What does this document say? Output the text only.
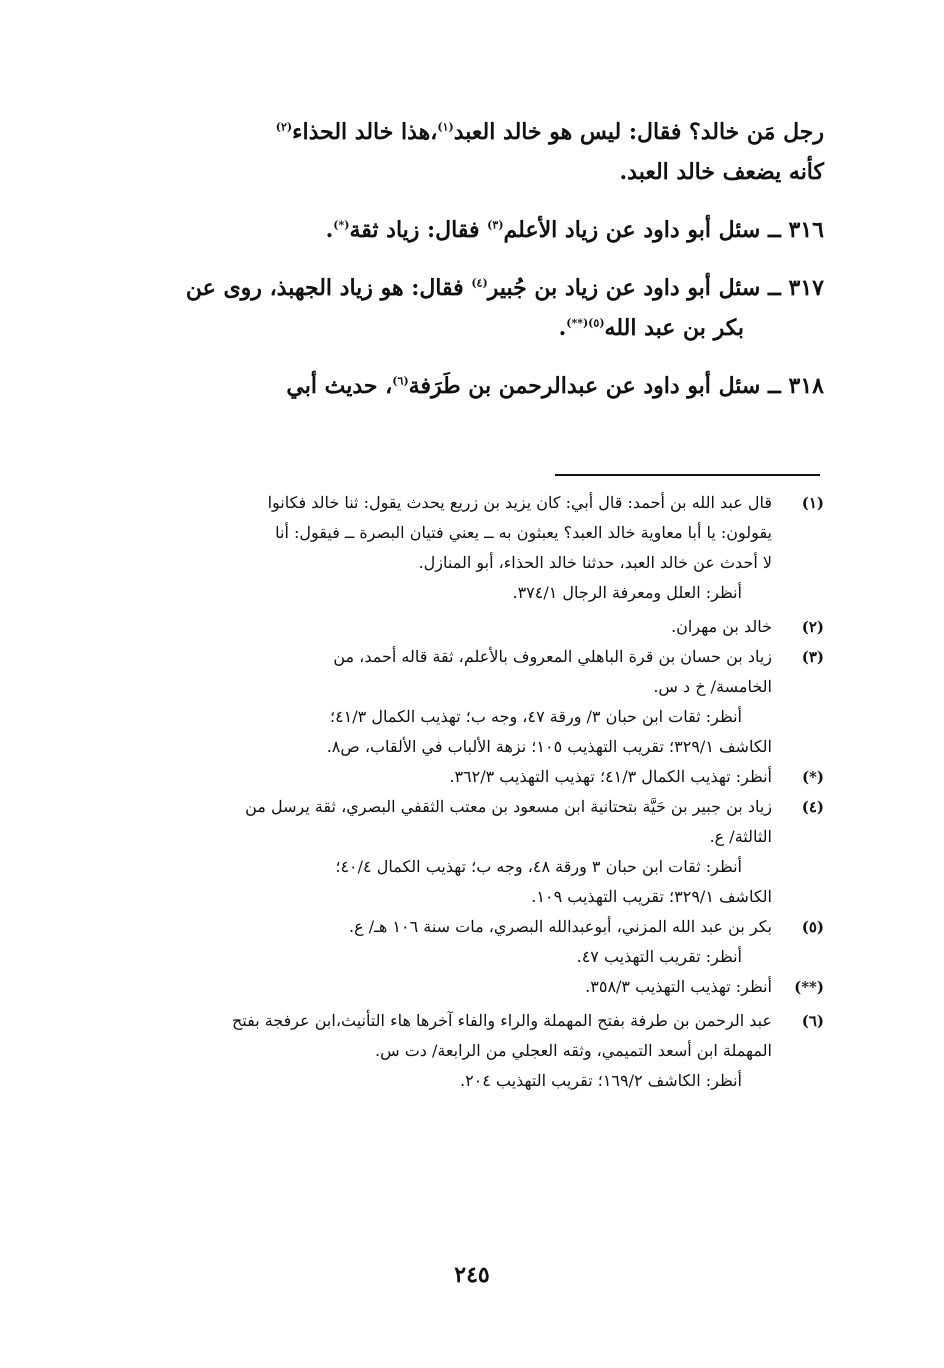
رجل مَن خالد؟ فقال: ليس هو خالد العبد$^{(١)}$،هذا خالد الحذاء$^{(٢)}$

كأنه يضعف خالد العبد.

٣١٦ ــ سئل أبو داود عن زياد الأعلم$^{(٣)}$ فقال: زياد ثقة(*).

٣١٧ ــ سئل أبو داود عن زياد بن جُبير$^{(٤)}$ فقال: هو زياد الجهبذ، روى عن

بكر بن عبد الله$^{(٥)(**)}$.

٣١٨ ــ سئل أبو داود عن عبدالرحمن بن طَرَفة$^{(٦)}$، حديث أبي

(١)

قال عبد الله بن أحمد: قال أبي: كان يزيد بن زريع يحدث يقول: ثنا خالد فكانوا

يقولون: يا أبا معاوية خالد العبد؟ يعبثون به ــ يعني فتيان البصرة ــ فيقول: أنا

لا أحدث عن خالد العبد، حدثنا خالد الحذاء، أبو المنازل.

أنظر: العلل ومعرفة الرجال ٣٧٤/١.

(٢)

خالد بن مهران.

(٣)

زياد بن حسان بن قرة الباهلي المعروف بالأعلم، ثقة قاله أحمد، من

الخامسة/ خ د س.

أنظر: ثقات ابن حبان ٣/ ورقة ٤٧، وجه ب؛ تهذيب الكمال ٤١/٣؛

الكاشف ٣٢٩/١؛ تقريب التهذيب ١٠٥؛ نزهة الألباب في الألقاب، ص٨.

(*)

أنظر: تهذيب الكمال ٤١/٣؛ تهذيب التهذيب ٣٦٢/٣.

(٤)

زياد بن جبير بن حَيَّة بتحتانية ابن مسعود بن معتب الثقفي البصري، ثقة يرسل من

الثالثة/ ع.

أنظر: ثقات ابن حبان ٣ ورقة ٤٨، وجه ب؛ تهذيب الكمال ٤٠/٤؛

الكاشف ٣٢٩/١؛ تقريب التهذيب ١٠٩.

(٥)

بكر بن عبد الله المزني، أبوعبدالله البصري، مات سنة ١٠٦ هـ/ ع.

أنظر: تقريب التهذيب ٤٧.

(**)

أنظر: تهذيب التهذيب ٣٥٨/٣.

(٦)

عبد الرحمن بن طرفة بفتح المهملة والراء والفاء آخرها هاء التأنيث،ابن عرفجة بفتح

المهملة ابن أسعد التميمي، وثقه العجلي من الرابعة/ دت س.

أنظر: الكاشف ١٦٩/٢؛ تقريب التهذيب ٢٠٤.

٢٤٥
